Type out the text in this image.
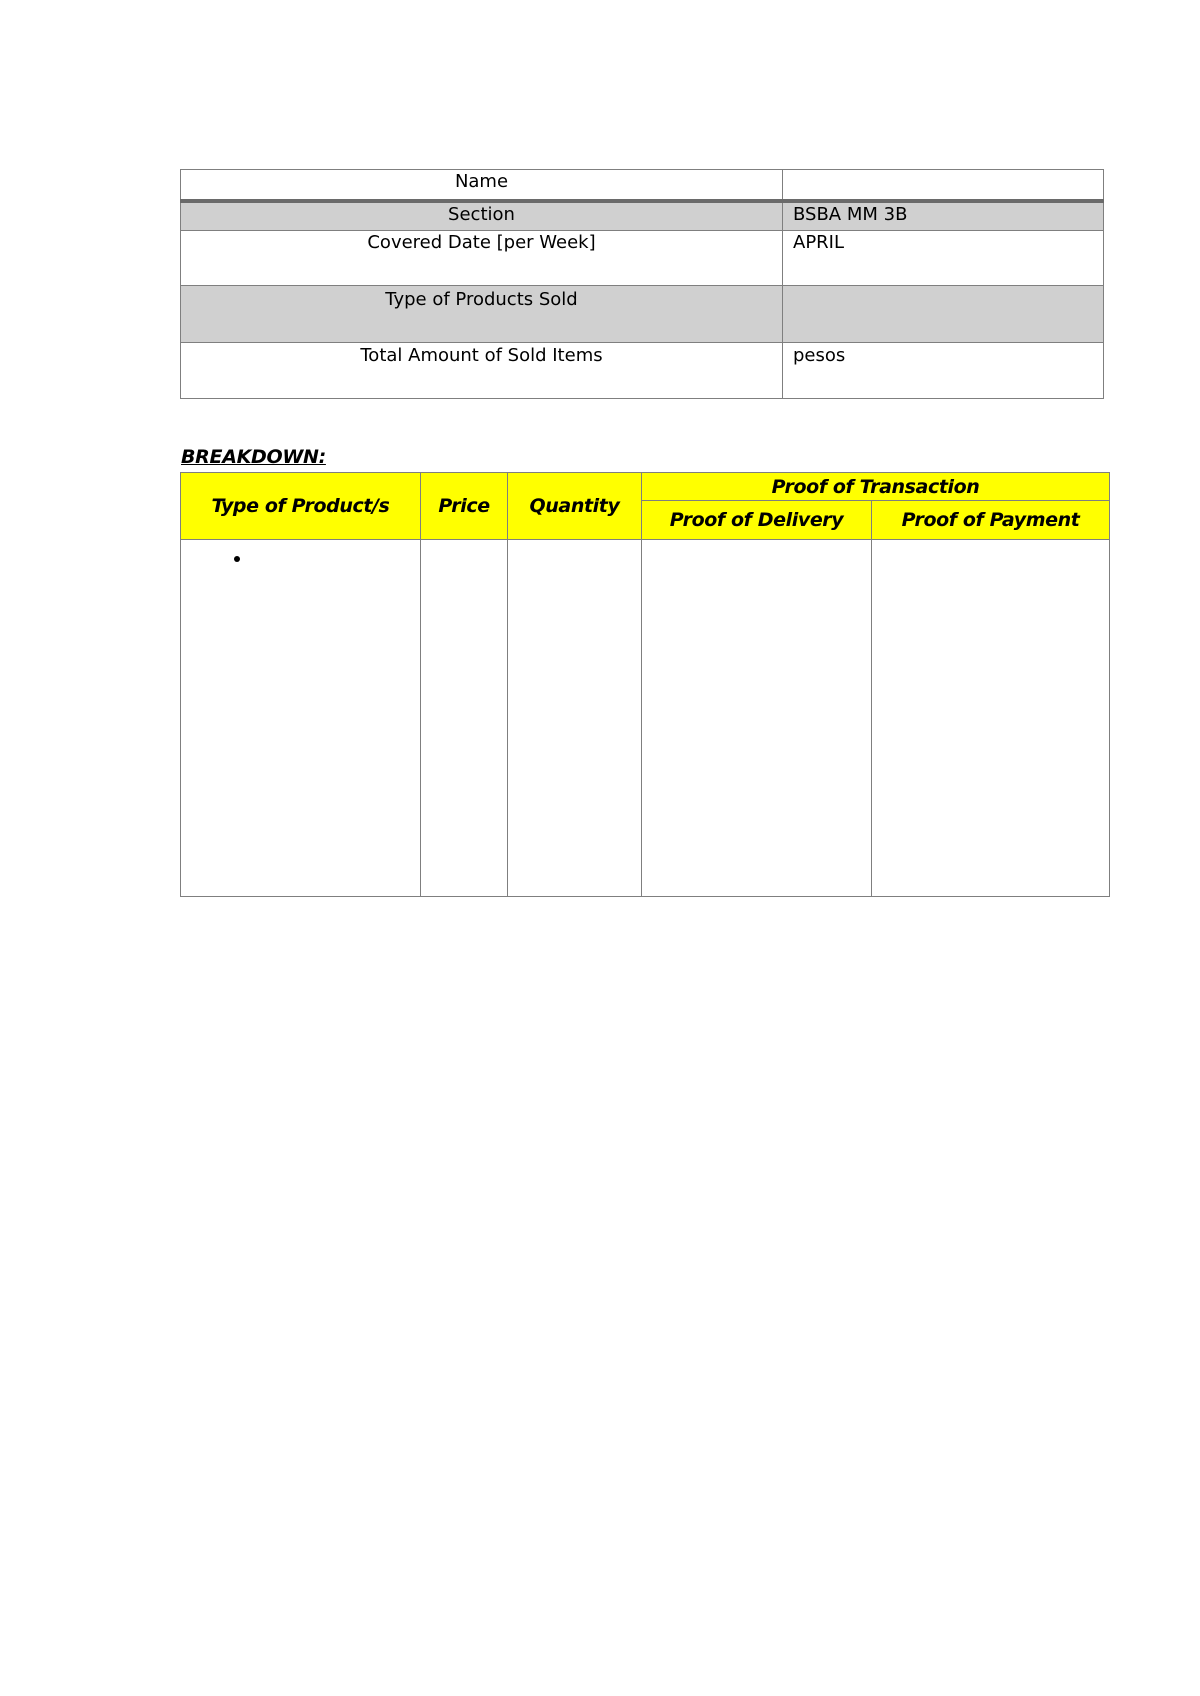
Name	
Section	BSBA MM 3B
Covered Date [per Week]	APRIL
Type of Products Sold	
Total Amount of Sold Items	pesos
BREAKDOWN:
Type of Product/s	Price	Quantity	Proof of Transaction	
			Proof of Delivery	Proof of Payment
